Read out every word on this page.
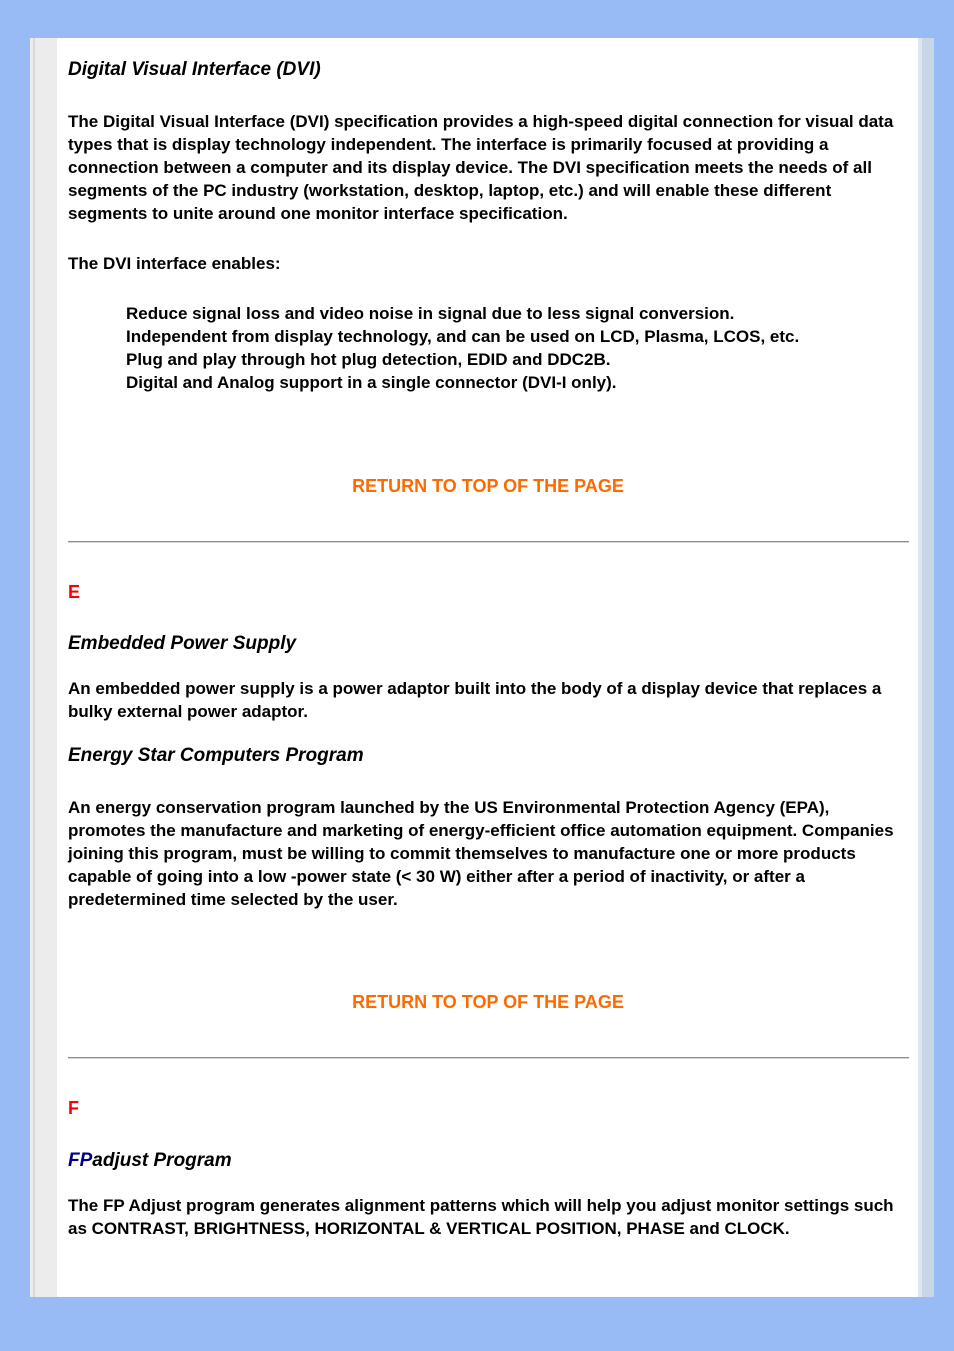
Digital Visual Interface (DVI)

The Digital Visual Interface (DVI) specification provides a high-speed digital connection for visual data types that is display technology independent. The interface is primarily focused at providing a connection between a computer and its display device. The DVI specification meets the needs of all segments of the PC industry (workstation, desktop, laptop, etc.) and will enable these different segments to unite around one monitor interface specification.

The DVI interface enables:

Reduce signal loss and video noise in signal due to less signal conversion.
Independent from display technology, and can be used on LCD, Plasma, LCOS, etc.
Plug and play through hot plug detection, EDID and DDC2B.
Digital and Analog support in a single connector (DVI-I only).
RETURN TO TOP OF THE PAGE

E

Embedded Power Supply

An embedded power supply is a power adaptor built into the body of a display device that replaces a bulky external power adaptor.

Energy Star Computers Program

An energy conservation program launched by the US Environmental Protection Agency (EPA), promotes the manufacture and marketing of energy-efficient office automation equipment. Companies joining this program, must be willing to commit themselves to manufacture one or more products capable of going into a low -power state (< 30 W) either after a period of inactivity, or after a predetermined time selected by the user.

RETURN TO TOP OF THE PAGE

F

FPadjust Program

The FP Adjust program generates alignment patterns which will help you adjust monitor settings such as CONTRAST, BRIGHTNESS, HORIZONTAL & VERTICAL POSITION, PHASE and CLOCK.
